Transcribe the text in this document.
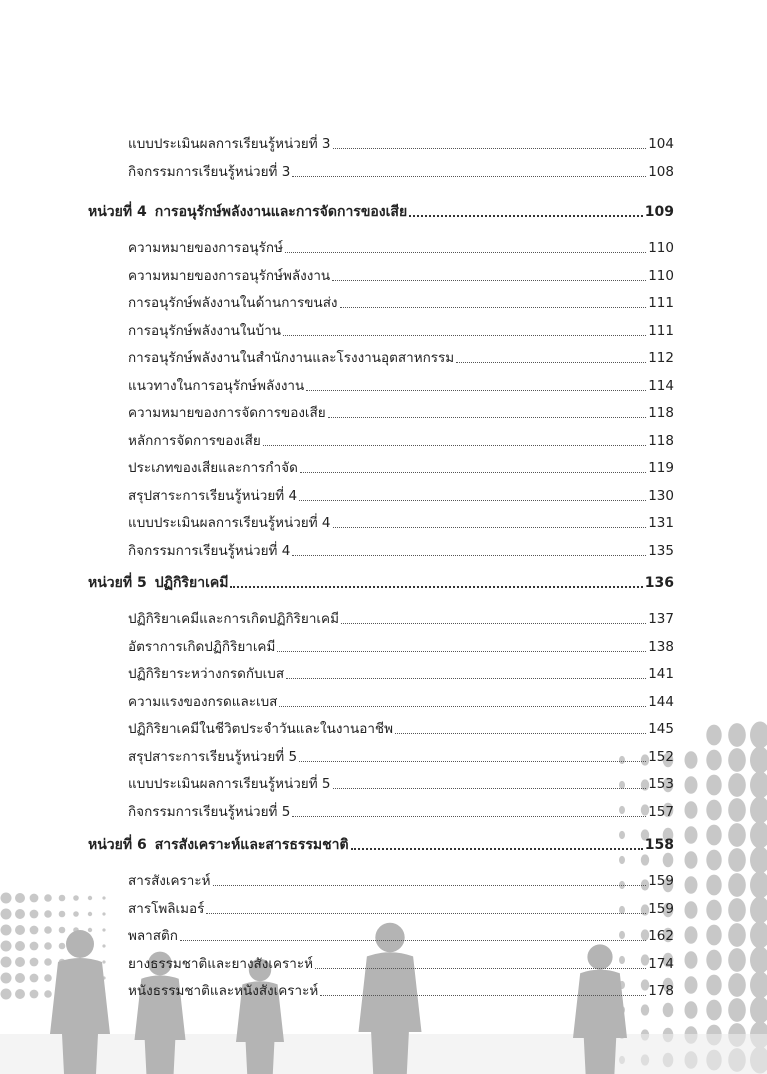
แบบประเมินผลการเรียนรู้หน่วยที่ 3	104
กิจกรรมการเรียนรู้หน่วยที่ 3	108
หน่วยที่ 4 การอนุรักษ์พลังงานและการจัดการของเสีย	109
ความหมายของการอนุรักษ์	110
ความหมายของการอนุรักษ์พลังงาน	110
การอนุรักษ์พลังงานในด้านการขนส่ง	111
การอนุรักษ์พลังงานในบ้าน	111
การอนุรักษ์พลังงานในสำนักงานและโรงงานอุตสาหกรรม	112
แนวทางในการอนุรักษ์พลังงาน	114
ความหมายของการจัดการของเสีย	118
หลักการจัดการของเสีย	118
ประเภทของเสียและการกำจัด	119
สรุปสาระการเรียนรู้หน่วยที่ 4	130
แบบประเมินผลการเรียนรู้หน่วยที่ 4	131
กิจกรรมการเรียนรู้หน่วยที่ 4	135
หน่วยที่ 5 ปฏิกิริยาเคมี	136
ปฏิกิริยาเคมีและการเกิดปฏิกิริยาเคมี	137
อัตราการเกิดปฏิกิริยาเคมี	138
ปฏิกิริยาระหว่างกรดกับเบส	141
ความแรงของกรดและเบส	144
ปฏิกิริยาเคมีในชีวิตประจำวันและในงานอาชีพ	145
สรุปสาระการเรียนรู้หน่วยที่ 5	152
แบบประเมินผลการเรียนรู้หน่วยที่ 5	153
กิจกรรมการเรียนรู้หน่วยที่ 5	157
หน่วยที่ 6 สารสังเคราะห์และสารธรรมชาติ	158
สารสังเคราะห์	159
สารโพลิเมอร์	159
พลาสติก	162
ยางธรรมชาติและยางสังเคราะห์	174
หนังธรรมชาติและหนังสังเคราะห์	178
